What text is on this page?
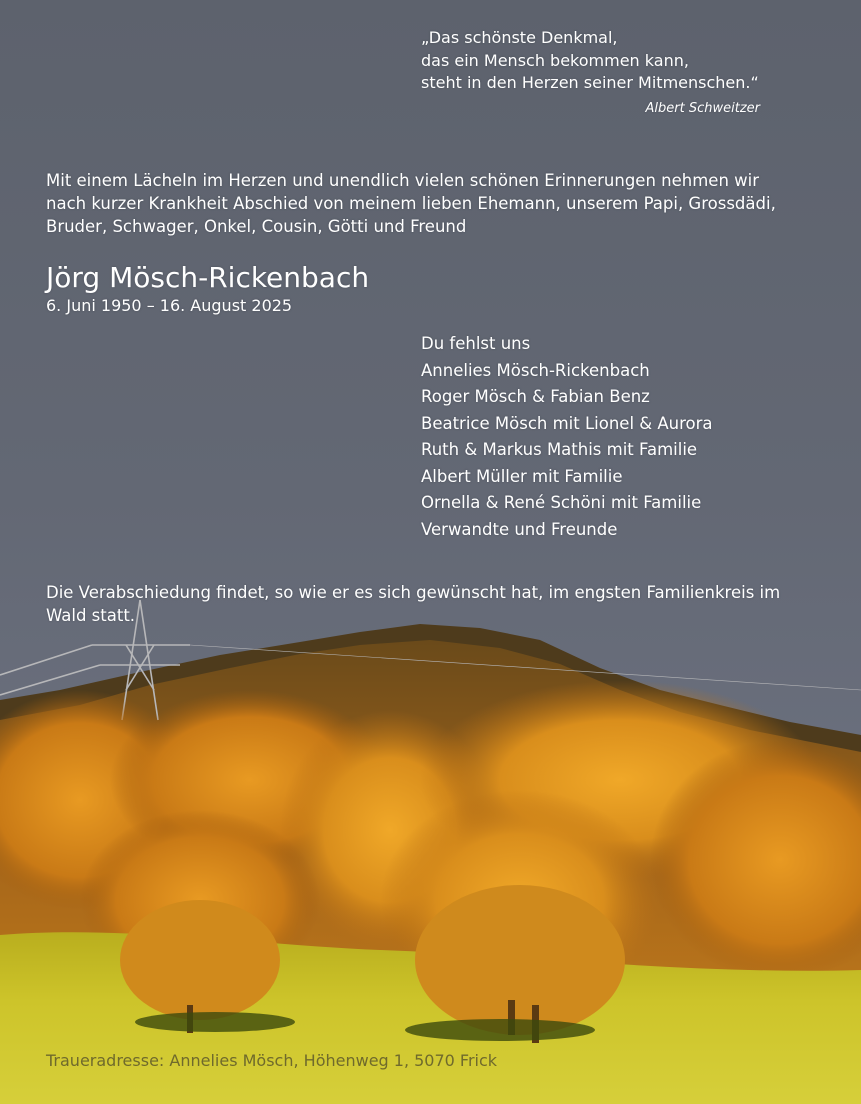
„Das schönste Denkmal,
das ein Mensch bekommen kann,
steht in den Herzen seiner Mitmenschen.“
Albert Schweitzer
Mit einem Lächeln im Herzen und unendlich vielen schönen Erinnerungen nehmen wir
nach kurzer Krankheit Abschied von meinem lieben Ehemann, unserem Papi, Grossdädi,
Bruder, Schwager, Onkel, Cousin, Götti und Freund
Jörg Mösch-Rickenbach
6. Juni 1950 – 16. August 2025
Du fehlst uns
Annelies Mösch-Rickenbach
Roger Mösch & Fabian Benz
Beatrice Mösch mit Lionel & Aurora
Ruth & Markus Mathis mit Familie
Albert Müller mit Familie
Ornella & René Schöni mit Familie
Verwandte und Freunde
Die Verabschiedung findet, so wie er es sich gewünscht hat, im engsten Familienkreis im
Wald statt.
Traueradresse: Annelies Mösch, Höhenweg 1, 5070 Frick
